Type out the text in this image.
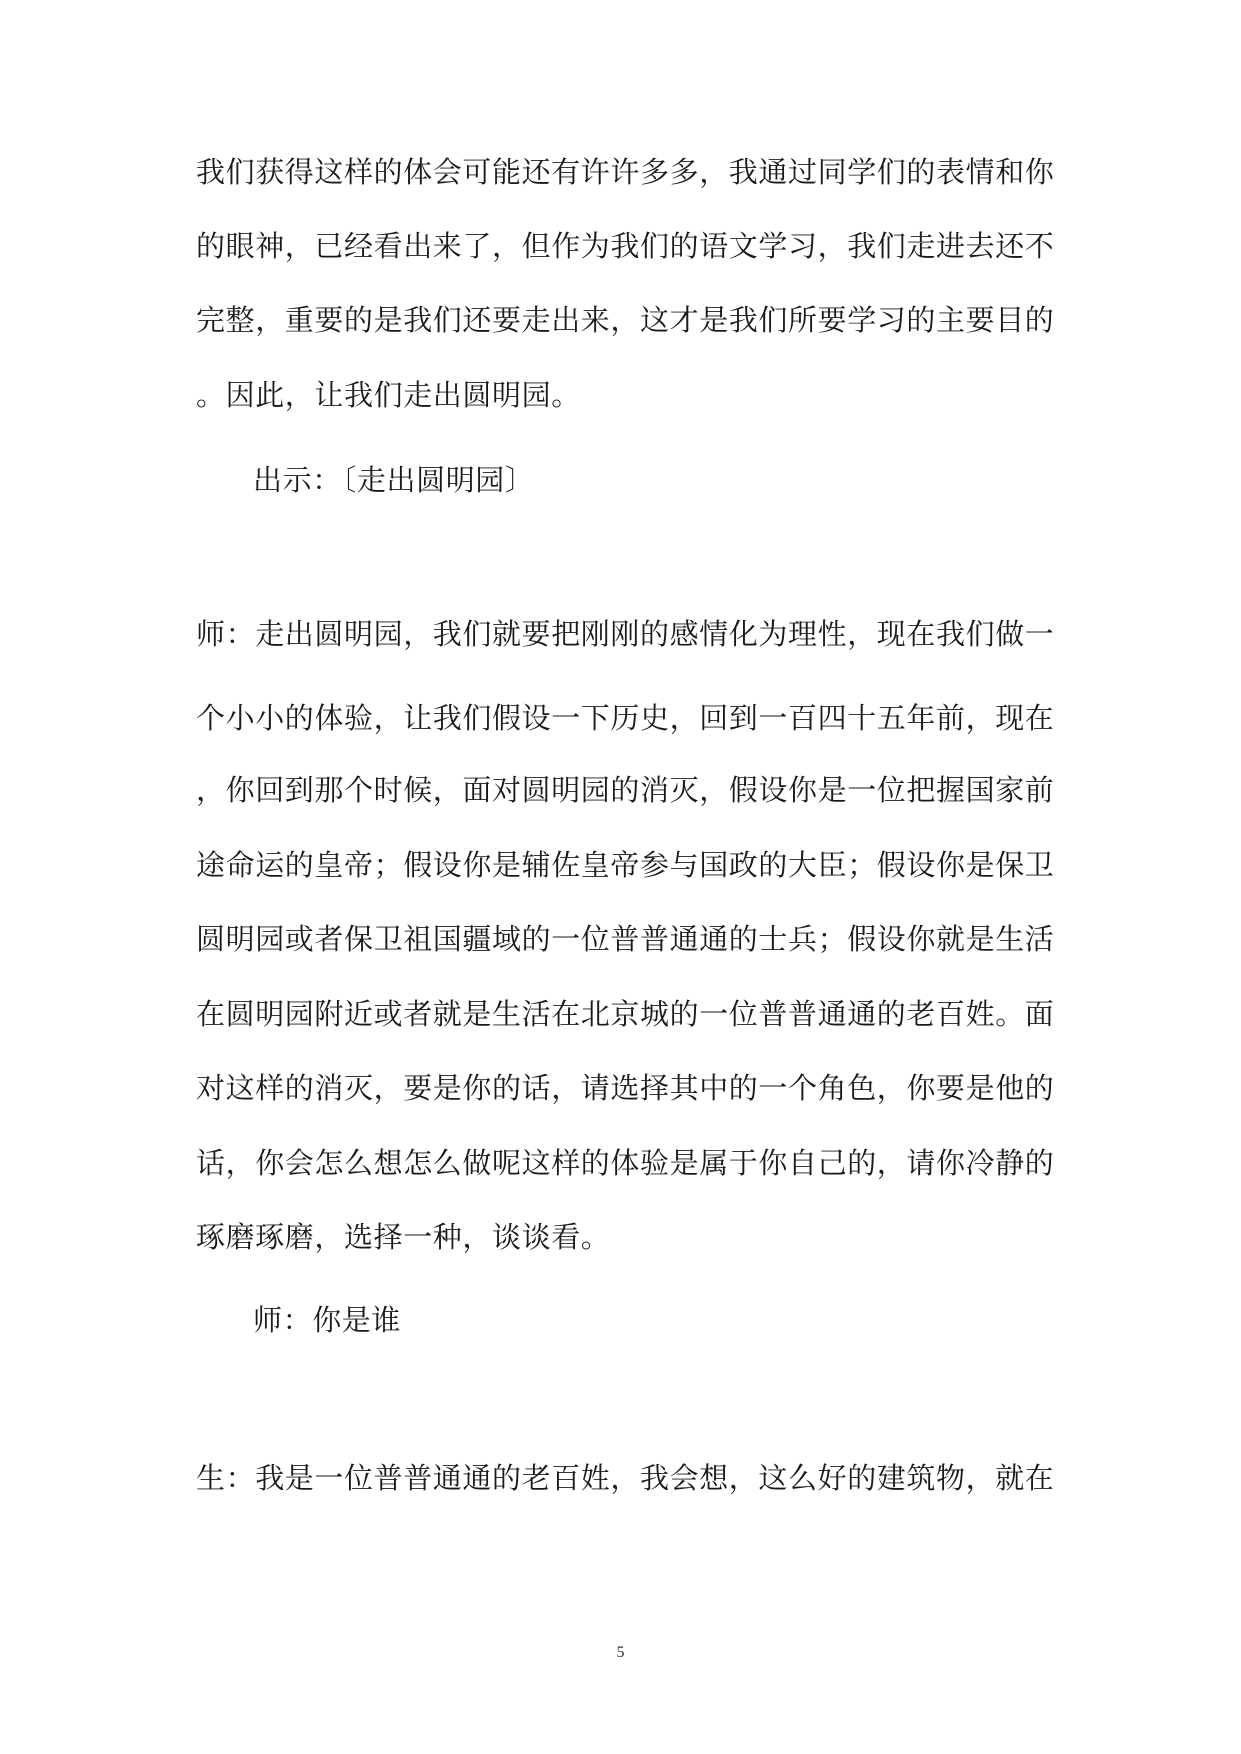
我们获得这样的体会可能还有许许多多，我通过同学们的表情和你
的眼神，已经看出来了，但作为我们的语文学习，我们走进去还不
完整，重要的是我们还要走出来，这才是我们所要学习的主要目的
。因此，让我们走出圆明园。
出示：〔走出圆明园〕
师：走出圆明园，我们就要把刚刚的感情化为理性，现在我们做一
个小小的体验，让我们假设一下历史，回到一百四十五年前，现在
，你回到那个时候，面对圆明园的消灭，假设你是一位把握国家前
途命运的皇帝；假设你是辅佐皇帝参与国政的大臣；假设你是保卫
圆明园或者保卫祖国疆域的一位普普通通的士兵；假设你就是生活
在圆明园附近或者就是生活在北京城的一位普普通通的老百姓。面
对这样的消灭，要是你的话，请选择其中的一个角色，你要是他的
话，你会怎么想怎么做呢这样的体验是属于你自己的，请你冷静的
琢磨琢磨，选择一种，谈谈看。
师：你是谁
生：我是一位普普通通的老百姓，我会想，这么好的建筑物，就在
5
